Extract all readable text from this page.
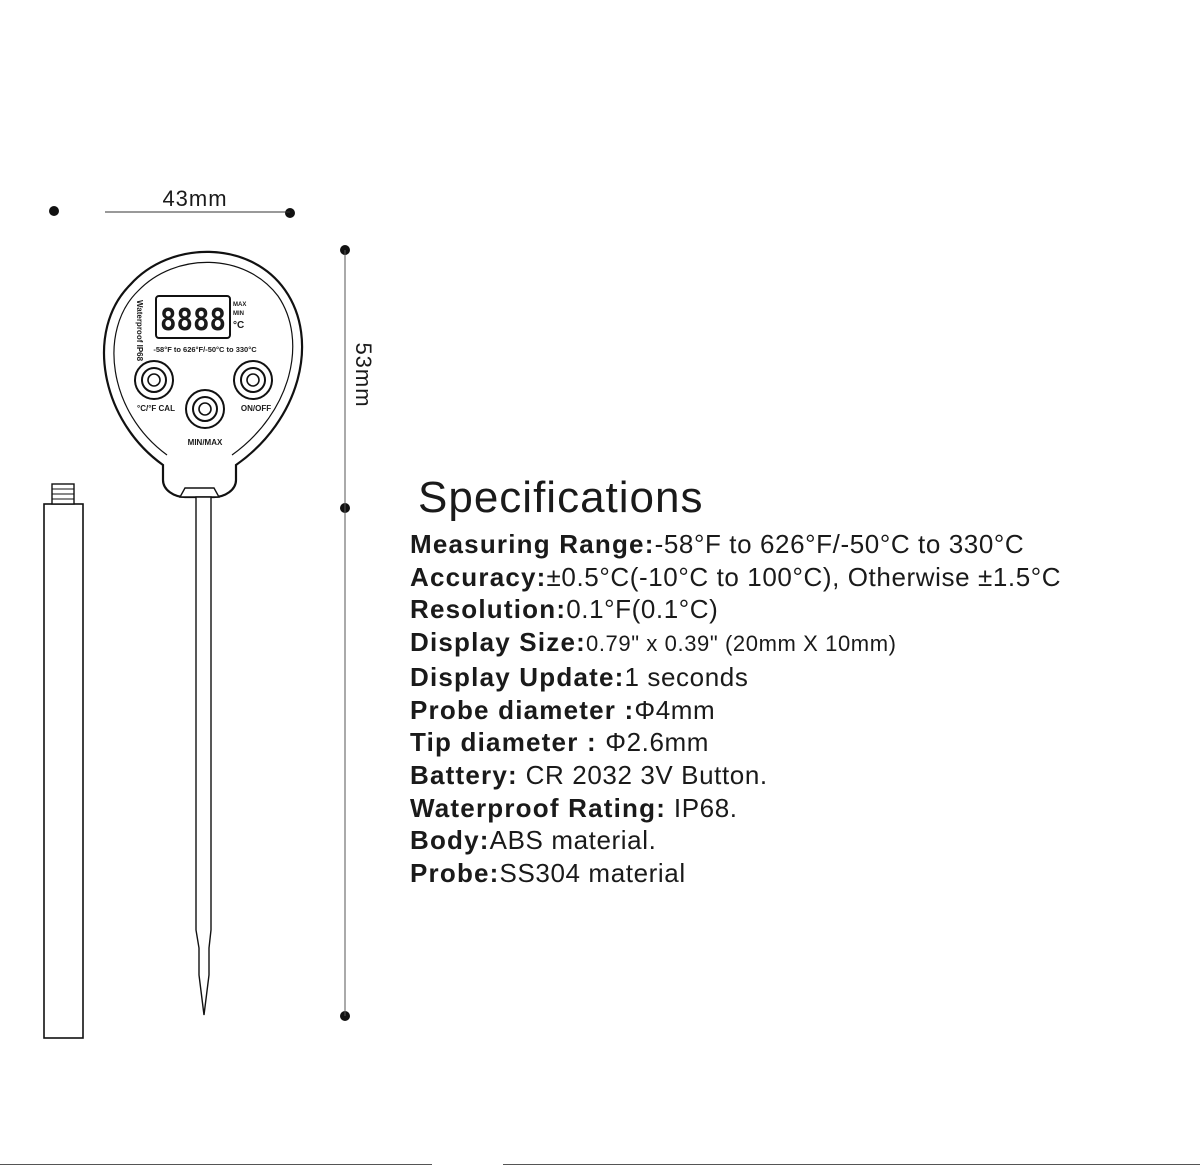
43mm
53mm
8888 MAX
MIN
°C
-58°F to 626°F/-50°C to 330°C
Waterproof IP68
°C/°F CAL	ON/OFF
MIN/MAX
Specifications
Measuring Range:-58°F to 626°F/-50°C to 330°C
Accuracy:±0.5°C(-10°C to 100°C), Otherwise ±1.5°C
Resolution:0.1°F(0.1°C)
Display Size:0.79" x 0.39" (20mm X 10mm)
Display Update:1 seconds
Probe diameter :Φ4mm
Tip diameter : Φ2.6mm
Battery: CR 2032 3V Button.
Waterproof Rating: IP68.
Body:ABS material.
Probe:SS304 material
